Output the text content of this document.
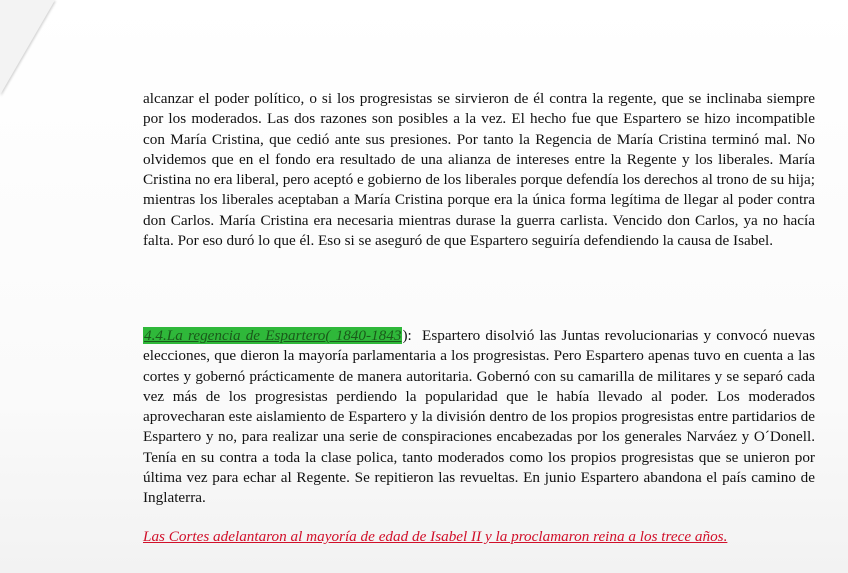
alcanzar el poder político, o si los progresistas se sirvieron de él contra la regente, que se inclinaba siempre por los moderados. Las dos razones son posibles a la vez. El hecho fue que Espartero se hizo incompatible con María Cristina, que cedió ante sus presiones. Por tanto la Regencia de María Cristina terminó mal. No olvidemos que en el fondo era resultado de una alianza de intereses entre la Regente y los liberales. María Cristina no era liberal, pero aceptó e gobierno de los liberales porque defendía los derechos al trono de su hija; mientras los liberales aceptaban a María Cristina porque era la única forma legítima de llegar al poder contra don Carlos. María Cristina era necesaria mientras durase la guerra carlista. Vencido don Carlos, ya no hacía falta. Por eso duró lo que él. Eso si se aseguró de que Espartero seguiría defendiendo la causa de Isabel.

4.4.La regencia de Espartero( 1840-1843): Espartero disolvió las Juntas revolucionarias y convocó nuevas elecciones, que dieron la mayoría parlamentaria a los progresistas. Pero Espartero apenas tuvo en cuenta a las cortes y gobernó prácticamente de manera autoritaria. Gobernó con su camarilla de militares y se separó cada vez más de los progresistas perdiendo la popularidad que le había llevado al poder. Los moderados aprovecharan este aislamiento de Espartero y la división dentro de los propios progresistas entre partidarios de Espartero y no, para realizar una serie de conspiraciones encabezadas por los generales Narváez y O´Donell. Tenía en su contra a toda la clase polica, tanto moderados como los propios progresistas que se unieron por última vez para echar al Regente. Se repitieron las revueltas. En junio Espartero abandona el país camino de Inglaterra.

Las Cortes adelantaron al mayoría de edad de Isabel II y la proclamaron reina a los trece años.
